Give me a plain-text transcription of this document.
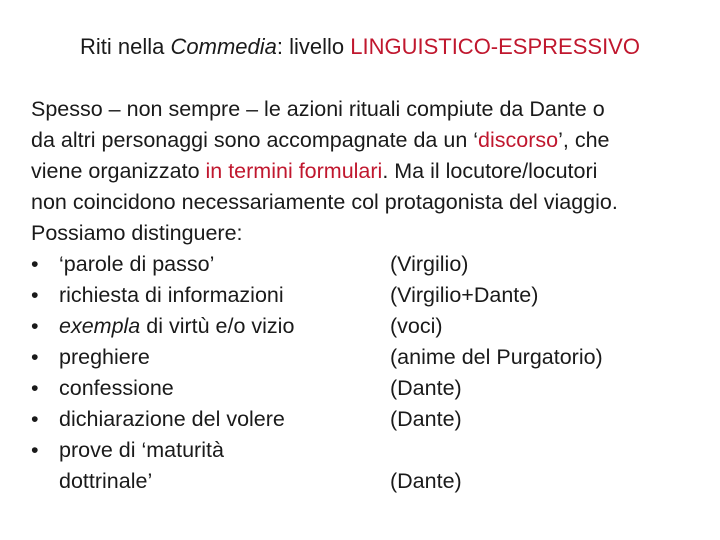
Riti nella Commedia: livello LINGUISTICO-ESPRESSIVO

Spesso – non sempre – le azioni rituali compiute da Dante o

da altri personaggi sono accompagnate da un ‘discorso’, che

viene organizzato in termini formulari. Ma il locutore/locutori

non coincidono necessariamente col protagonista del viaggio.

Possiamo distinguere:

• ‘parole di passo’	(Virgilio)
• richiesta di informazioni	(Virgilio+Dante)
• exempla di virtù e/o vizio	(voci)
• preghiere	(anime del Purgatorio)
• confessione	(Dante)
• dichiarazione del volere	(Dante)
• prove di ‘maturità dottrinale’	(Dante)
